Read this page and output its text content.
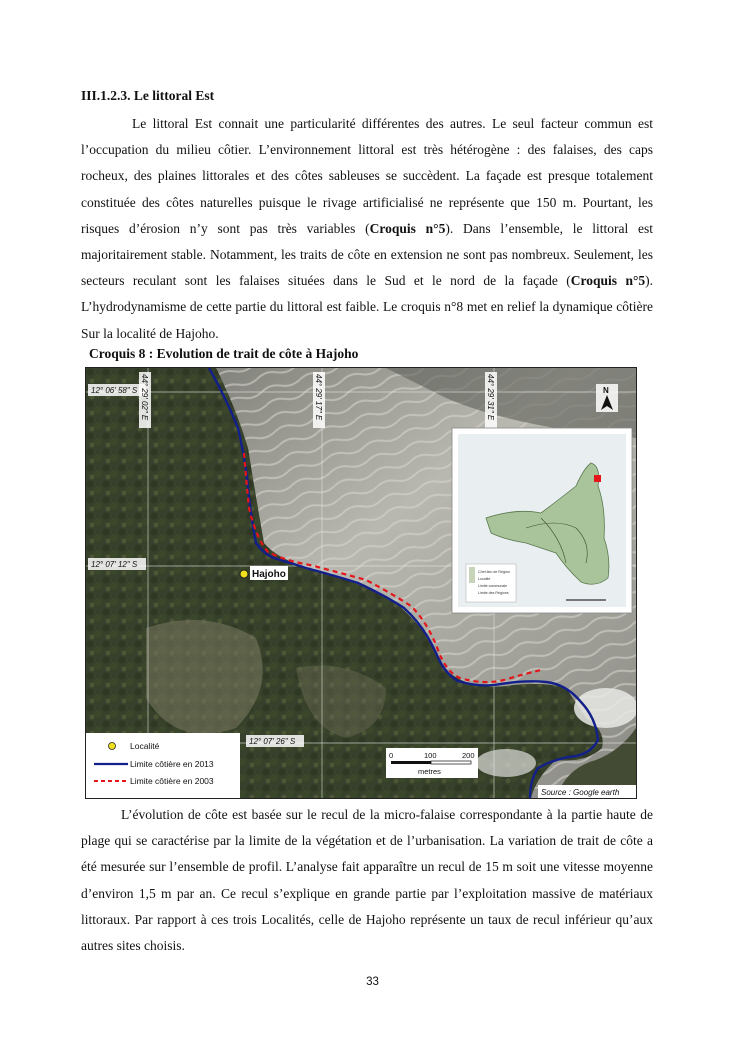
III.1.2.3. Le littoral Est

Le littoral Est connait une particularité différentes des autres. Le seul facteur commun est l’occupation du milieu côtier. L’environnement littoral est très hétérogène : des falaises, des caps rocheux, des plaines littorales et des côtes sableuses se succèdent. La façade est presque totalement constituée des côtes naturelles puisque le rivage artificialisé ne représente que 150 m. Pourtant, les risques d’érosion n’y sont pas très variables (Croquis n°5). Dans l’ensemble, le littoral est majoritairement stable. Notamment, les traits de côte en extension ne sont pas nombreux. Seulement, les secteurs reculant sont les falaises situées dans le Sud et le nord de la façade (Croquis n°5). L’hydrodynamisme de cette partie du littoral est faible. Le croquis n°8 met en relief la dynamique côtière Sur la localité de Hajoho.

Croquis 8 : Evolution de trait de côte à Hajoho
12° 06' 58" S
12° 07' 12" S
12° 07' 26" S
44° 29' 02" E	44° 29' 17" E	44° 29' 31" E
Hajoho
N
Chef-lieu de Région
Localité
Limite communale
Limite des Régions
Localité
Limite côtière en 2013
Limite côtière en 2003
0	100	200
metres
Source : Google earth

L’évolution de côte est basée sur le recul de la micro-falaise correspondante à la partie haute de plage qui se caractérise par la limite de la végétation et de l’urbanisation. La variation de trait de côte a été mesurée sur l’ensemble de profil. L’analyse fait apparaître un recul de 15 m soit une vitesse moyenne d’environ 1,5 m par an. Ce recul s’explique en grande partie par l’exploitation massive de matériaux littoraux. Par rapport à ces trois Localités, celle de Hajoho représente un taux de recul inférieur qu’aux autres sites choisis.

33
